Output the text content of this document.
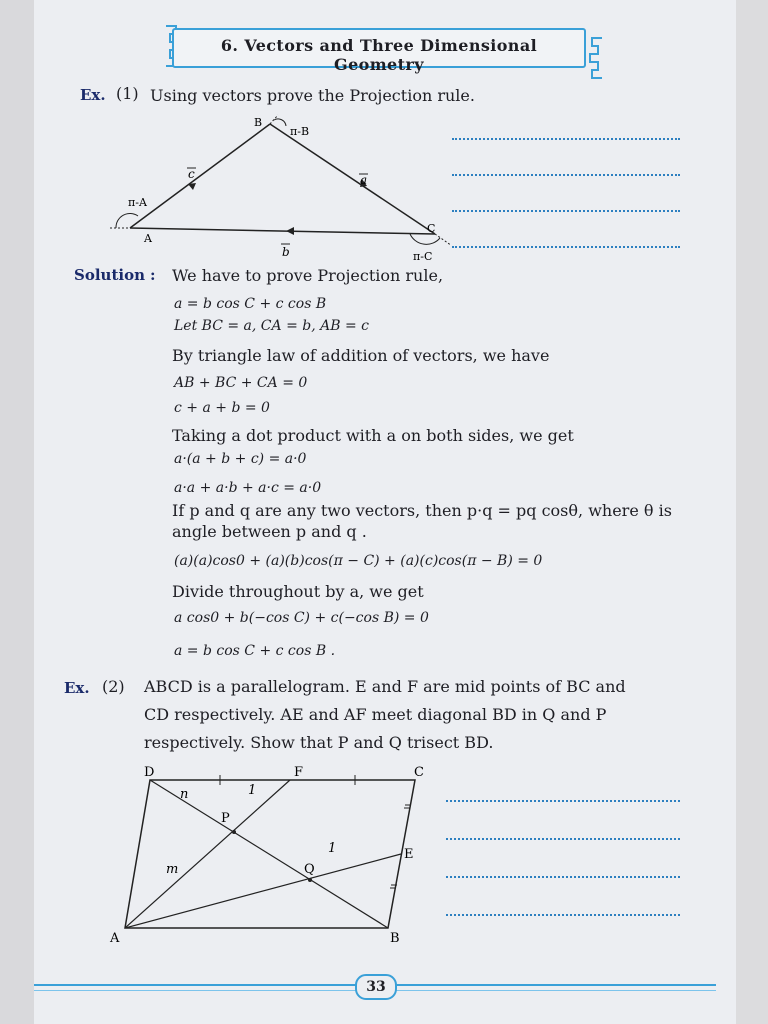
6. Vectors and Three Dimensional Geometry
Ex. (1) Using vectors prove the Projection rule.
B
π-B
c	a
π-A
A
C
b	π-C
Solution : We have to prove Projection rule,
a = b cos C + c cos B
Let BC = a, CA = b, AB = c
By triangle law of addition of vectors, we have
AB + BC + CA = 0
c + a + b = 0
Taking a dot product with a on both sides, we get
a·(a + b + c) = a·0
a·a + a·b + a·c = a·0
If p and q are any two vectors, then p·q = pq cosθ, where θ is
angle between p and q .
(a)(a)cos0 + (a)(b)cos(π − C) + (a)(c)cos(π − B) = 0
Divide throughout by a, we get
a cos0 + b(−cos C) + c(−cos B) = 0
a = b cos C + c cos B .
Ex. (2) ABCD is a parallelogram. E and F are mid points of BC and
CD respectively. AE and AF meet diagonal BD in Q and P
respectively. Show that P and Q trisect BD.
D	F	C
n	1
P
1	E
m	Q
A	B
33
